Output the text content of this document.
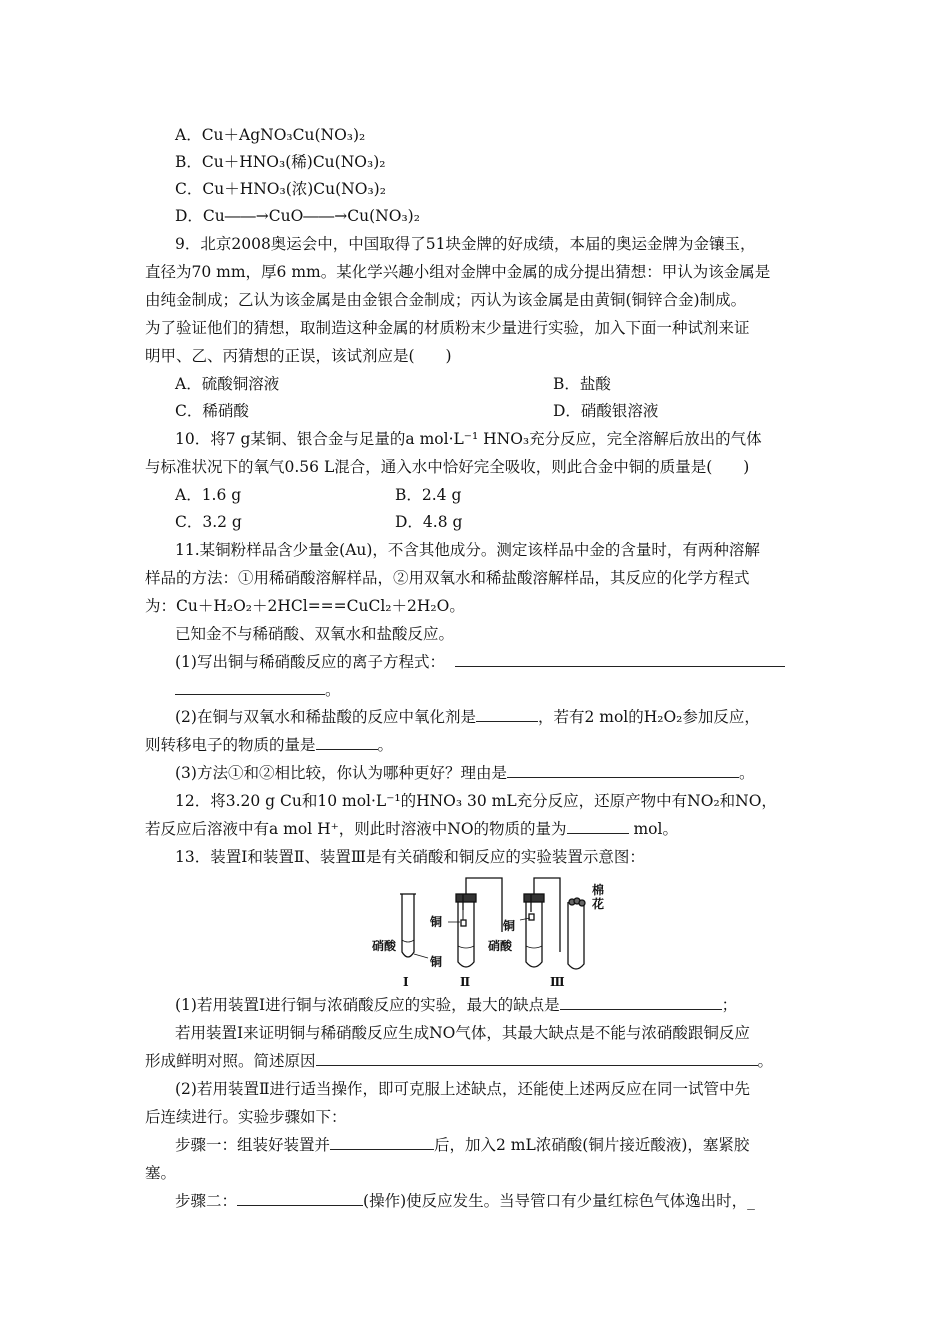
A．Cu＋AgNO₃Cu(NO₃)₂
B．Cu＋HNO₃(稀)Cu(NO₃)₂
C．Cu＋HNO₃(浓)Cu(NO₃)₂
D．Cu――→CuO――→Cu(NO₃)₂
9．北京2008奥运会中，中国取得了51块金牌的好成绩，本届的奥运金牌为金镶玉，
直径为70 mm，厚6 mm。某化学兴趣小组对金牌中金属的成分提出猜想：甲认为该金属是
由纯金制成；乙认为该金属是由金银合金制成；丙认为该金属是由黄铜(铜锌合金)制成。
为了验证他们的猜想，取制造这种金属的材质粉末少量进行实验，加入下面一种试剂来证
明甲、乙、丙猜想的正误，该试剂应是(　　)
A．硫酸铜溶液	B．盐酸
C．稀硝酸	D．硝酸银溶液
10．将7 g某铜、银合金与足量的a mol·L⁻¹ HNO₃充分反应，完全溶解后放出的气体
与标准状况下的氧气0.56 L混合，通入水中恰好完全吸收，则此合金中铜的质量是(　　)
A．1.6 g	B．2.4 g
C．3.2 g	D．4.8 g
11.某铜粉样品含少量金(Au)，不含其他成分。测定该样品中金的含量时，有两种溶解
样品的方法：①用稀硝酸溶解样品，②用双氧水和稀盐酸溶解样品，其反应的化学方程式
为：Cu＋H₂O₂＋2HCl===CuCl₂＋2H₂O。
已知金不与稀硝酸、双氧水和盐酸反应。
(1)写出铜与稀硝酸反应的离子方程式：
。
(2)在铜与双氧水和稀盐酸的反应中氧化剂是	，若有2 mol的H₂O₂参加反应，
则转移电子的物质的量是	。
(3)方法①和②相比较，你认为哪种更好？理由是	。
12．将3.20 g Cu和10 mol·L⁻¹的HNO₃ 30 mL充分反应，还原产物中有NO₂和NO，
若反应后溶液中有a mol H⁺，则此时溶液中NO的物质的量为	mol。
13．装置Ⅰ和装置Ⅱ、装置Ⅲ是有关硝酸和铜反应的实验装置示意图：
硝酸
铜
铜	铜
硝酸
棉
花
Ⅰ	Ⅱ	Ⅲ
(1)若用装置Ⅰ进行铜与浓硝酸反应的实验，最大的缺点是	；
若用装置Ⅰ来证明铜与稀硝酸反应生成NO气体，其最大缺点是不能与浓硝酸跟铜反应
形成鲜明对照。简述原因	。
(2)若用装置Ⅱ进行适当操作，即可克服上述缺点，还能使上述两反应在同一试管中先
后连续进行。实验步骤如下：
步骤一：组装好装置并	后，加入2 mL浓硝酸(铜片接近酸液)，塞紧胶
塞。
步骤二：	(操作)使反应发生。当导管口有少量红棕色气体逸出时，_
